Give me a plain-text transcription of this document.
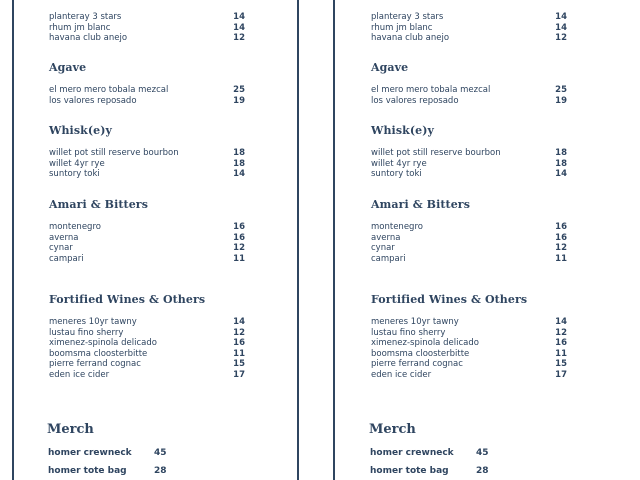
planteray 3 stars	14
rhum jm blanc	14
havana club anejo	12
Agave
el mero mero tobala mezcal	25
los valores reposado	19
Whisk(e)y
willet pot still reserve bourbon	18
willet 4yr rye	18
suntory toki	14
Amari & Bitters
montenegro	16
averna	16
cynar	12
campari	11
Fortified Wines & Others
meneres 10yr tawny	14
lustau fino sherry	12
ximenez-spinola delicado	16
boomsma cloosterbitte	11
pierre ferrand cognac	15
eden ice cider	17
Merch
homer crewneck 45
homer tote bag	28
planteray 3 stars	14
rhum jm blanc	14
havana club anejo	12
Agave
el mero mero tobala mezcal	25
los valores reposado	19
Whisk(e)y
willet pot still reserve bourbon	18
willet 4yr rye	18
suntory toki	14
Amari & Bitters
montenegro	16
averna	16
cynar	12
campari	11
Fortified Wines & Others
meneres 10yr tawny	14
lustau fino sherry	12
ximenez-spinola delicado	16
boomsma cloosterbitte	11
pierre ferrand cognac	15
eden ice cider	17
Merch
homer crewneck 45
homer tote bag	28
